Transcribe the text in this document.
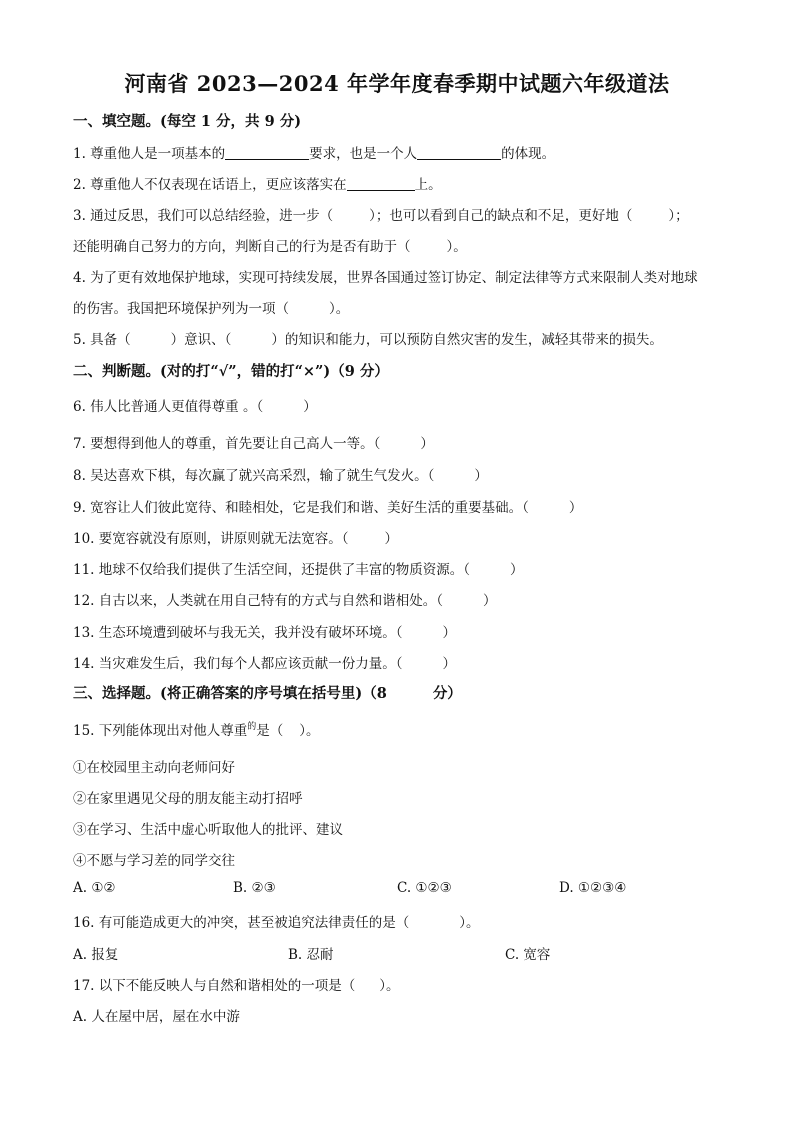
河南省 2023—2024 年学年度春季期中试题六年级道法
一、填空题。(每空 1 分，共 9 分)
1. 尊重他人是一项基本的	要求，也是一个人	的体现。
2. 尊重他人不仅表现在话语上，更应该落实在	上。
3. 通过反思，我们可以总结经验，进一步（	）；也可以看到自己的缺点和不足，更好地（	）；
还能明确自己努力的方向，判断自己的行为是否有助于（	）。
4. 为了更有效地保护地球，实现可持续发展，世界各国通过签订协定、制定法律等方式来限制人类对地球
的伤害。我国把环境保护列为一项（	）。
5. 具备（	）意识、（	）的知识和能力，可以预防自然灾害的发生，减轻其带来的损失。
二、判断题。(对的打“√”，错的打“×”)（9 分）
6. 伟人比普通人更值得尊重 。（	）
7. 要想得到他人的尊重，首先要让自己高人一等。（	）
8. 吴达喜欢下棋，每次赢了就兴高采烈，输了就生气发火。（	）
9. 宽容让人们彼此宽待、和睦相处，它是我们和谐、美好生活的重要基础。（	）
10. 要宽容就没有原则，讲原则就无法宽容。（	）
11. 地球不仅给我们提供了生活空间，还提供了丰富的物质资源。（	）
12. 自古以来，人类就在用自己特有的方式与自然和谐相处。（	）
13. 生态环境遭到破坏与我无关，我并没有破坏环境。（	）
14. 当灾难发生后，我们每个人都应该贡献一份力量。（	）
三、选择题。(将正确答案的序号填在括号里)（8	分）
15. 下列能体现出对他人尊重$^的$是（ ）。
①在校园里主动向老师问好
②在家里遇见父母的朋友能主动打招呼
③在学习、生活中虚心听取他人的批评、建议
④不愿与学习差的同学交往
A. ①②	B. ②③	C. ①②③	D. ①②③④
16. 有可能造成更大的冲突，甚至被追究法律责任的是（	）。
A. 报复	B. 忍耐	C. 宽容
17. 以下不能反映人与自然和谐相处的一项是（ ）。
A. 人在屋中居，屋在水中游
